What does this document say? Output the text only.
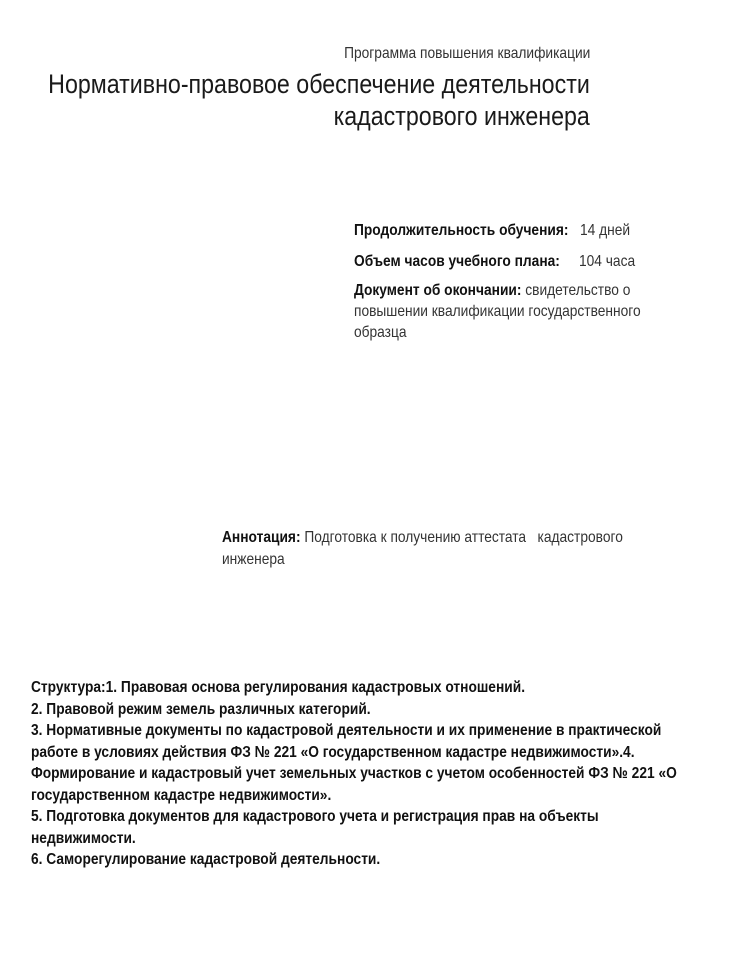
Программа повышения квалификации
Нормативно-правовое обеспечение деятельности
кадастрового инженера
Продолжительность обучения: 14 дней
Объем часов учебного плана: 104 часа
Документ об окончании: свидетельство о повышении квалификации государственного образца
Аннотация: Подготовка к получению аттестата   кадастрового инженера
Структура:1. Правовая основа регулирования кадастровых отношений.
2. Правовой режим земель различных категорий.
3. Нормативные документы по кадастровой деятельности и их применение в практической работе в условиях действия ФЗ № 221 «О государственном кадастре недвижимости».4. Формирование и кадастровый учет земельных участков с учетом особенностей ФЗ № 221 «О государственном кадастре недвижимости».
5. Подготовка документов для кадастрового учета и регистрация прав на объекты недвижимости.
6. Саморегулирование кадастровой деятельности.
